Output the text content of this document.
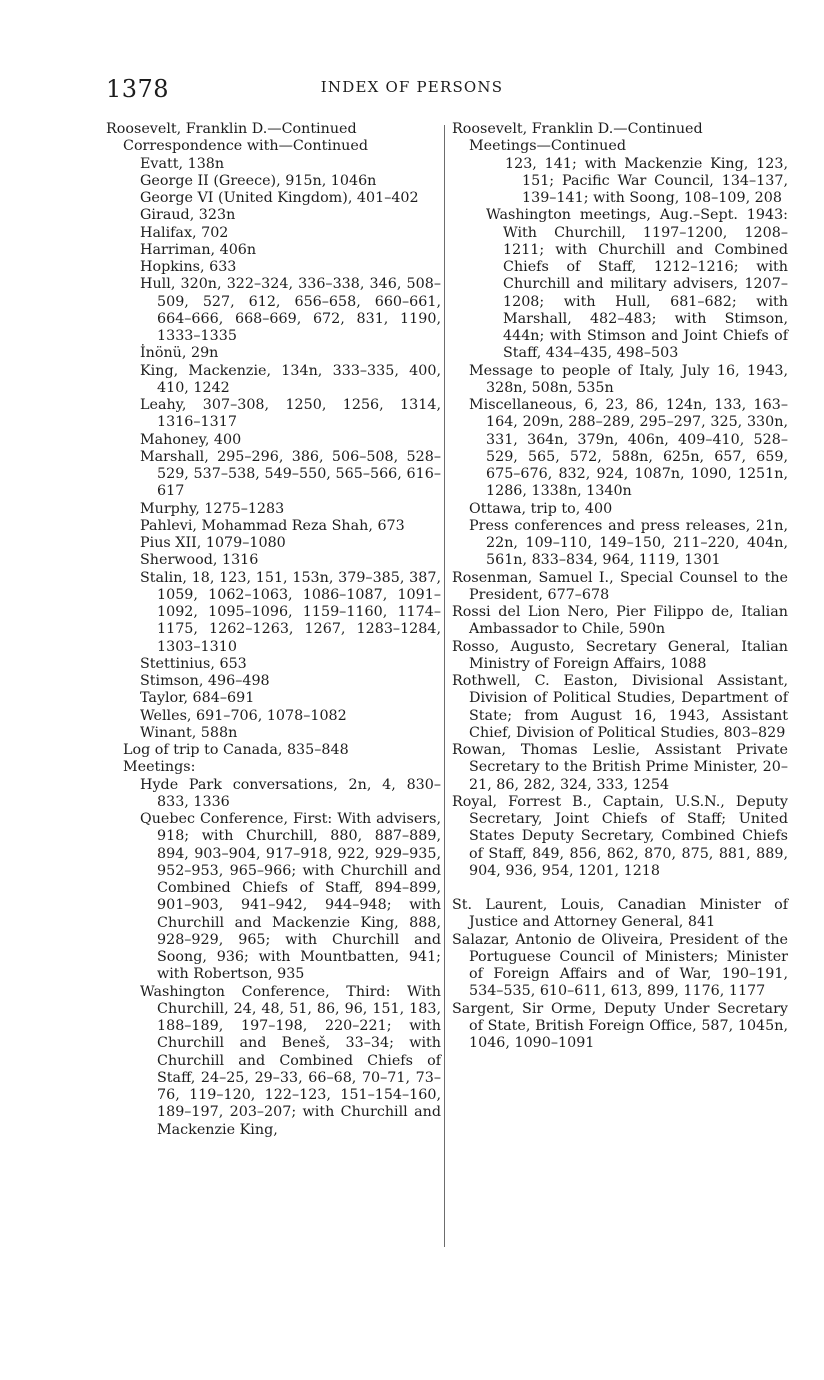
1378	INDEX OF PERSONS

Roosevelt, Franklin D.—Continued

Correspondence with—Continued

Evatt, 138n

George II (Greece), 915n, 1046n

George VI (United Kingdom), 401–402

Giraud, 323n

Halifax, 702

Harriman, 406n

Hopkins, 633

Hull, 320n, 322–324, 336–338, 346, 508–509, 527, 612, 656–658, 660–661, 664–666, 668–669, 672, 831, 1190, 1333–1335

İnönü, 29n

King, Mackenzie, 134n, 333–335, 400, 410, 1242

Leahy, 307–308, 1250, 1256, 1314, 1316–1317

Mahoney, 400

Marshall, 295–296, 386, 506–508, 528–529, 537–538, 549–550, 565–566, 616–617

Murphy, 1275–1283

Pahlevi, Mohammad Reza Shah, 673

Pius XII, 1079–1080

Sherwood, 1316

Stalin, 18, 123, 151, 153n, 379–385, 387, 1059, 1062–1063, 1086–1087, 1091–1092, 1095–1096, 1159–1160, 1174–1175, 1262–1263, 1267, 1283–1284, 1303–1310

Stettinius, 653

Stimson, 496–498

Taylor, 684–691

Welles, 691–706, 1078–1082

Winant, 588n

Log of trip to Canada, 835–848

Meetings:

Hyde Park conversations, 2n, 4, 830–833, 1336

Quebec Conference, First: With advisers, 918; with Churchill, 880, 887–889, 894, 903–904, 917–918, 922, 929–935, 952–953, 965–966; with Churchill and Combined Chiefs of Staff, 894–899, 901–903, 941–942, 944–948; with Churchill and Mackenzie King, 888, 928–929, 965; with Churchill and Soong, 936; with Mountbatten, 941; with Robertson, 935

Washington Conference, Third: With Churchill, 24, 48, 51, 86, 96, 151, 183, 188–189, 197–198, 220–221; with Churchill and Beneš, 33–34; with Churchill and Combined Chiefs of Staff, 24–25, 29–33, 66–68, 70–71, 73–76, 119–120, 122–123, 151–154–160, 189–197, 203–207; with Churchill and Mackenzie King,

Roosevelt, Franklin D.—Continued

Meetings—Continued

123, 141; with Mackenzie King, 123, 151; Pacific War Council, 134–137, 139–141; with Soong, 108–109, 208

Washington meetings, Aug.–Sept. 1943: With Churchill, 1197–1200, 1208–1211; with Churchill and Combined Chiefs of Staff, 1212–1216; with Churchill and military advisers, 1207–1208; with Hull, 681–682; with Marshall, 482–483; with Stimson, 444n; with Stimson and Joint Chiefs of Staff, 434–435, 498–503

Message to people of Italy, July 16, 1943, 328n, 508n, 535n

Miscellaneous, 6, 23, 86, 124n, 133, 163–164, 209n, 288–289, 295–297, 325, 330n, 331, 364n, 379n, 406n, 409–410, 528–529, 565, 572, 588n, 625n, 657, 659, 675–676, 832, 924, 1087n, 1090, 1251n, 1286, 1338n, 1340n

Ottawa, trip to, 400

Press conferences and press releases, 21n, 22n, 109–110, 149–150, 211–220, 404n, 561n, 833–834, 964, 1119, 1301

Rosenman, Samuel I., Special Counsel to the President, 677–678

Rossi del Lion Nero, Pier Filippo de, Italian Ambassador to Chile, 590n

Rosso, Augusto, Secretary General, Italian Ministry of Foreign Affairs, 1088

Rothwell, C. Easton, Divisional Assistant, Division of Political Studies, Department of State; from August 16, 1943, Assistant Chief, Division of Political Studies, 803–829

Rowan, Thomas Leslie, Assistant Private Secretary to the British Prime Minister, 20–21, 86, 282, 324, 333, 1254

Royal, Forrest B., Captain, U.S.N., Deputy Secretary, Joint Chiefs of Staff; United States Deputy Secretary, Combined Chiefs of Staff, 849, 856, 862, 870, 875, 881, 889, 904, 936, 954, 1201, 1218

St. Laurent, Louis, Canadian Minister of Justice and Attorney General, 841

Salazar, Antonio de Oliveira, President of the Portuguese Council of Ministers; Minister of Foreign Affairs and of War, 190–191, 534–535, 610–611, 613, 899, 1176, 1177

Sargent, Sir Orme, Deputy Under Secretary of State, British Foreign Office, 587, 1045n, 1046, 1090–1091
